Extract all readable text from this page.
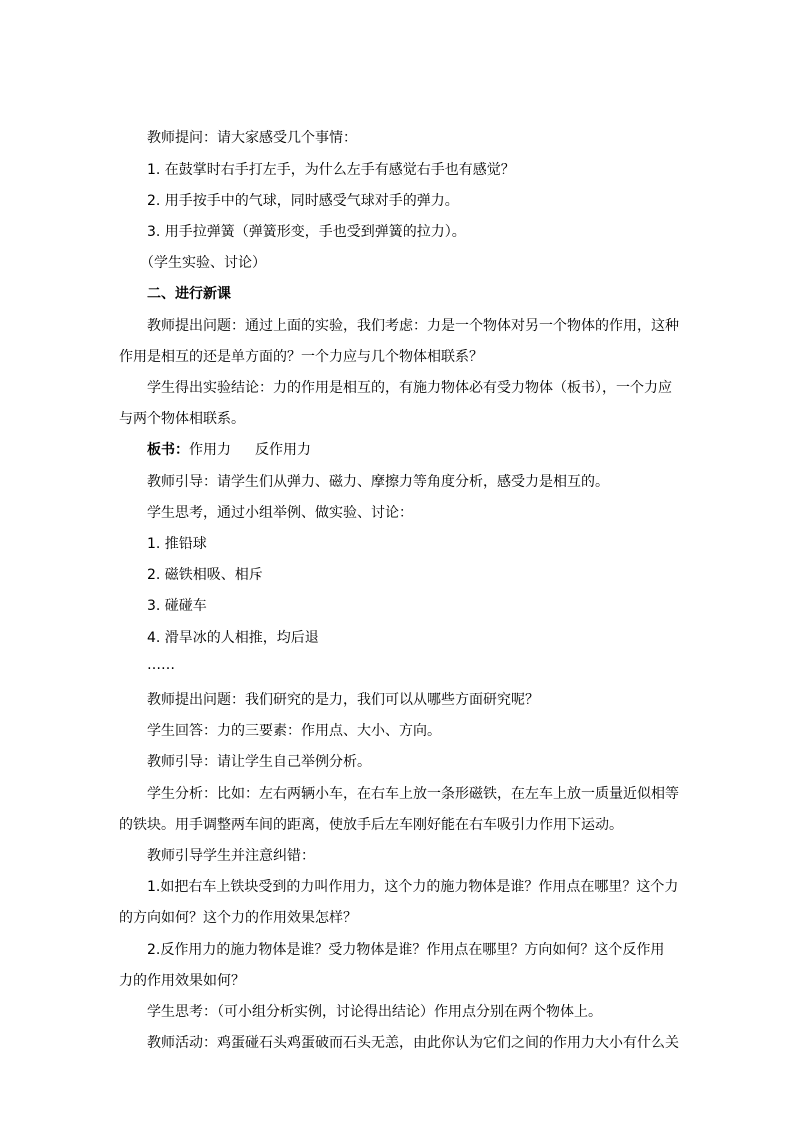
教师提问：请大家感受几个事情：
1. 在鼓掌时右手打左手，为什么左手有感觉右手也有感觉？
2. 用手按手中的气球，同时感受气球对手的弹力。
3. 用手拉弹簧（弹簧形变，手也受到弹簧的拉力）。
（学生实验、讨论）
二、进行新课
教师提出问题：通过上面的实验，我们考虑：力是一个物体对另一个物体的作用，这种
作用是相互的还是单方面的？一个力应与几个物体相联系？
学生得出实验结论：力的作用是相互的，有施力物体必有受力物体（板书），一个力应
与两个物体相联系。
板书：作用力 反作用力
教师引导：请学生们从弹力、磁力、摩擦力等角度分析，感受力是相互的。
学生思考，通过小组举例、做实验、讨论：
1. 推铅球
2. 磁铁相吸、相斥
3. 碰碰车
4. 滑旱冰的人相推，均后退
……
教师提出问题：我们研究的是力，我们可以从哪些方面研究呢？
学生回答：力的三要素：作用点、大小、方向。
教师引导：请让学生自己举例分析。
学生分析：比如：左右两辆小车，在右车上放一条形磁铁，在左车上放一质量近似相等
的铁块。用手调整两车间的距离，使放手后左车刚好能在右车吸引力作用下运动。
教师引导学生并注意纠错：
1.如把右车上铁块受到的力叫作用力，这个力的施力物体是谁？作用点在哪里？这个力
的方向如何？这个力的作用效果怎样？
2.反作用力的施力物体是谁？受力物体是谁？作用点在哪里？方向如何？这个反作用
力的作用效果如何？
学生思考：（可小组分析实例，讨论得出结论）作用点分别在两个物体上。
教师活动：鸡蛋碰石头鸡蛋破而石头无恙，由此你认为它们之间的作用力大小有什么关
